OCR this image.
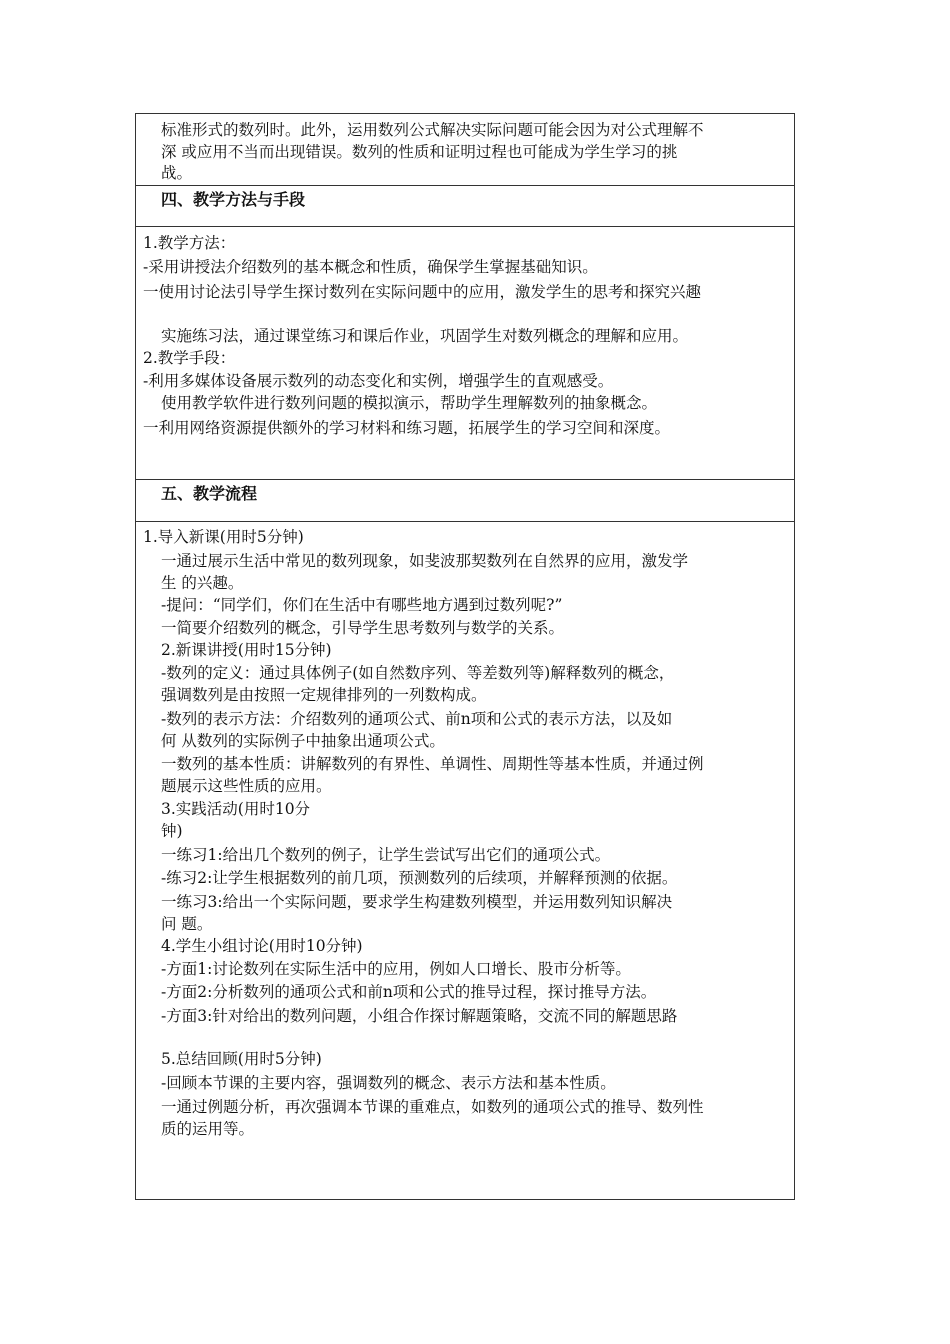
标准形式的数列时。此外，运用数列公式解决实际问题可能会因为对公式理解不
深 或应用不当而出现错误。数列的性质和证明过程也可能成为学生学习的挑
战。
四、教学方法与手段
1.教学方法：
-采用讲授法介绍数列的基本概念和性质，确保学生掌握基础知识。
一使用讨论法引导学生探讨数列在实际问题中的应用，激发学生的思考和探究兴趣
实施练习法，通过课堂练习和课后作业，巩固学生对数列概念的理解和应用。
2.教学手段：
-利用多媒体设备展示数列的动态变化和实例，增强学生的直观感受。
使用教学软件进行数列问题的模拟演示，帮助学生理解数列的抽象概念。
一利用网络资源提供额外的学习材料和练习题，拓展学生的学习空间和深度。
五、教学流程
1.导入新课(用时5分钟)
一通过展示生活中常见的数列现象，如斐波那契数列在自然界的应用，激发学
生 的兴趣。
-提问：“同学们，你们在生活中有哪些地方遇到过数列呢?”
一简要介绍数列的概念，引导学生思考数列与数学的关系。
2.新课讲授(用时15分钟)
-数列的定义：通过具体例子(如自然数序列、等差数列等)解释数列的概念，
强调数列是由按照一定规律排列的一列数构成。
-数列的表示方法：介绍数列的通项公式、前n项和公式的表示方法，以及如
何 从数列的实际例子中抽象出通项公式。
一数列的基本性质：讲解数列的有界性、单调性、周期性等基本性质，并通过例
题展示这些性质的应用。
3.实践活动(用时10分
钟)
一练习1:给出几个数列的例子，让学生尝试写出它们的通项公式。
-练习2:让学生根据数列的前几项，预测数列的后续项，并解释预测的依据。
一练习3:给出一个实际问题，要求学生构建数列模型，并运用数列知识解决
问 题。
4.学生小组讨论(用时10分钟)
-方面1:讨论数列在实际生活中的应用，例如人口增长、股市分析等。
-方面2:分析数列的通项公式和前n项和公式的推导过程，探讨推导方法。
-方面3:针对给出的数列问题，小组合作探讨解题策略，交流不同的解题思路
5.总结回顾(用时5分钟)
-回顾本节课的主要内容，强调数列的概念、表示方法和基本性质。
一通过例题分析，再次强调本节课的重难点，如数列的通项公式的推导、数列性
质的运用等。
